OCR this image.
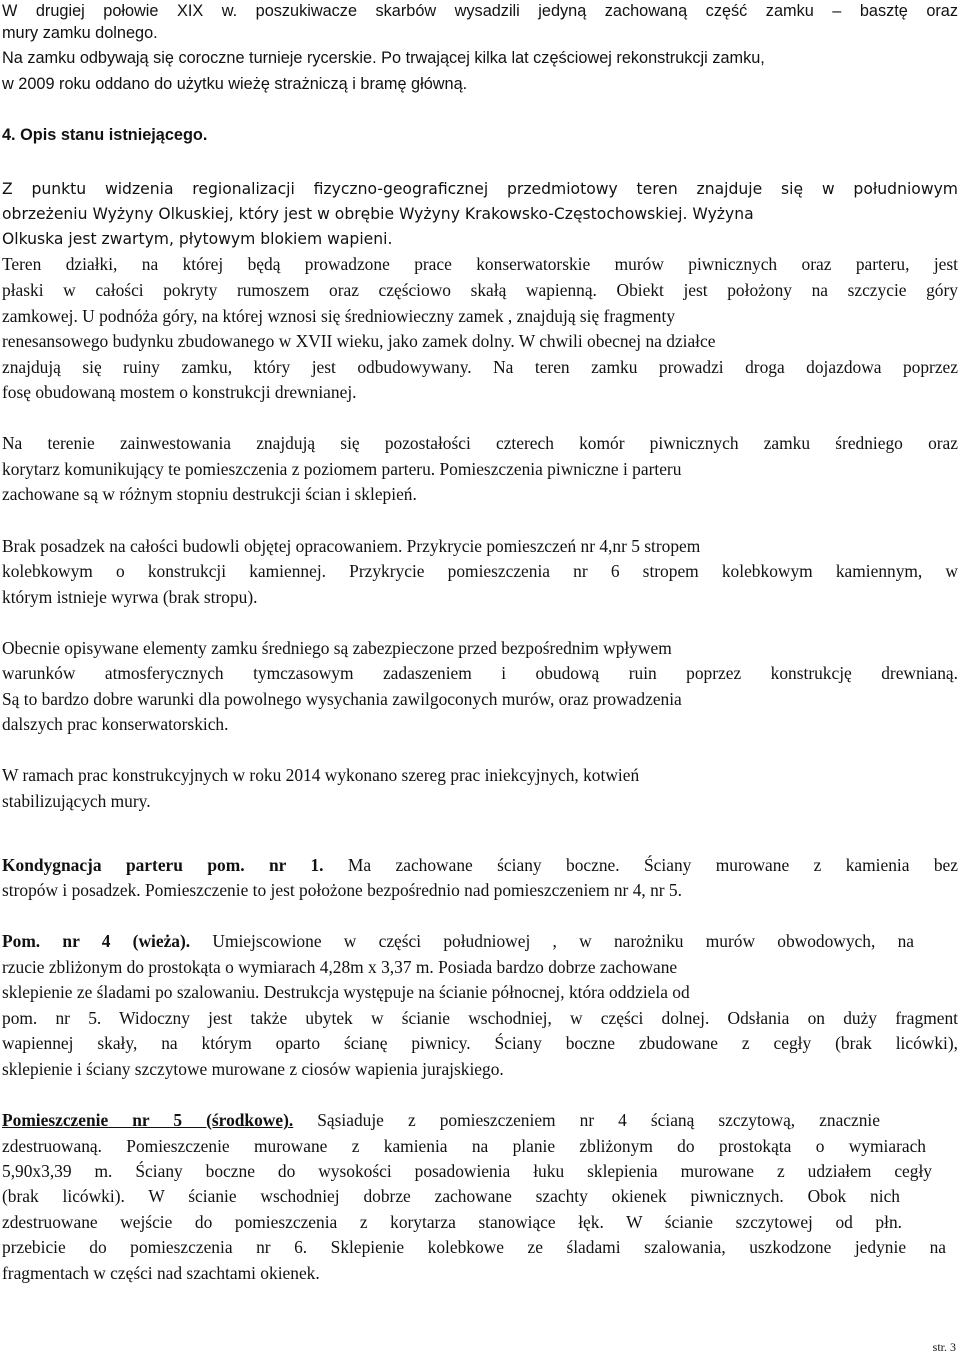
W drugiej połowie XIX w. poszukiwacze skarbów wysadzili jedyną zachowaną część zamku – basztę oraz
mury zamku dolnego.
Na zamku odbywają się coroczne turnieje rycerskie. Po trwającej kilka lat częściowej rekonstrukcji zamku,
w 2009 roku oddano do użytku wieżę strażniczą i bramę główną.
4. Opis stanu istniejącego.
Z punktu widzenia regionalizacji fizyczno-geograficznej przedmiotowy teren znajduje się w południowym
obrzeżeniu Wyżyny Olkuskiej, który jest w obrębie Wyżyny Krakowsko-Częstochowskiej. Wyżyna
Olkuska jest zwartym, płytowym blokiem wapieni.
Teren działki, na której będą prowadzone prace konserwatorskie murów piwnicznych oraz parteru, jest
płaski w całości pokryty rumoszem oraz częściowo skałą wapienną. Obiekt jest położony na szczycie góry
zamkowej. U podnóża góry, na której wznosi się średniowieczny zamek , znajdują się fragmenty
renesansowego budynku zbudowanego w XVII wieku, jako zamek dolny. W chwili obecnej na działce
znajdują się ruiny zamku, który jest odbudowywany. Na teren zamku prowadzi droga dojazdowa poprzez
fosę obudowaną mostem o konstrukcji drewnianej.
Na terenie zainwestowania znajdują się pozostałości czterech komór piwnicznych zamku średniego oraz
korytarz komunikujący te pomieszczenia z poziomem parteru. Pomieszczenia piwniczne i parteru
zachowane są w różnym stopniu destrukcji ścian i sklepień.
Brak posadzek na całości budowli objętej opracowaniem. Przykrycie pomieszczeń nr 4,nr 5 stropem
kolebkowym o konstrukcji kamiennej. Przykrycie pomieszczenia nr 6 stropem kolebkowym kamiennym, w
którym istnieje wyrwa (brak stropu).
Obecnie opisywane elementy zamku średniego są zabezpieczone przed bezpośrednim wpływem
warunków atmosferycznych tymczasowym zadaszeniem i obudową ruin poprzez konstrukcję drewnianą.
Są to bardzo dobre warunki dla powolnego wysychania zawilgoconych murów, oraz prowadzenia
dalszych prac konserwatorskich.
W ramach prac konstrukcyjnych w roku 2014 wykonano szereg prac iniekcyjnych, kotwień
stabilizujących mury.
Kondygnacja parteru pom. nr 1. Ma zachowane ściany boczne. Ściany murowane z kamienia bez
stropów i posadzek. Pomieszczenie to jest położone bezpośrednio nad pomieszczeniem nr 4, nr 5.
Pom. nr 4 (wieża). Umiejscowione w części południowej , w narożniku murów obwodowych, na
rzucie zbliżonym do prostokąta o wymiarach 4,28m x 3,37 m. Posiada bardzo dobrze zachowane
sklepienie ze śladami po szalowaniu. Destrukcja występuje na ścianie północnej, która oddziela od
pom. nr 5. Widoczny jest także ubytek w ścianie wschodniej, w części dolnej. Odsłania on duży fragment
wapiennej skały, na którym oparto ścianę piwnicy. Ściany boczne zbudowane z cegły (brak licówki),
sklepienie i ściany szczytowe murowane z ciosów wapienia jurajskiego.
Pomieszczenie nr 5 (środkowe). Sąsiaduje z pomieszczeniem nr 4 ścianą szczytową, znacznie
zdestruowaną. Pomieszczenie murowane z kamienia na planie zbliżonym do prostokąta o wymiarach
5,90x3,39 m. Ściany boczne do wysokości posadowienia łuku sklepienia murowane z udziałem cegły
(brak licówki). W ścianie wschodniej dobrze zachowane szachty okienek piwnicznych. Obok nich
zdestruowane wejście do pomieszczenia z korytarza stanowiące łęk. W ścianie szczytowej od płn.
przebicie do pomieszczenia nr 6. Sklepienie kolebkowe ze śladami szalowania, uszkodzone jedynie na
fragmentach w części nad szachtami okienek.
str. 3
